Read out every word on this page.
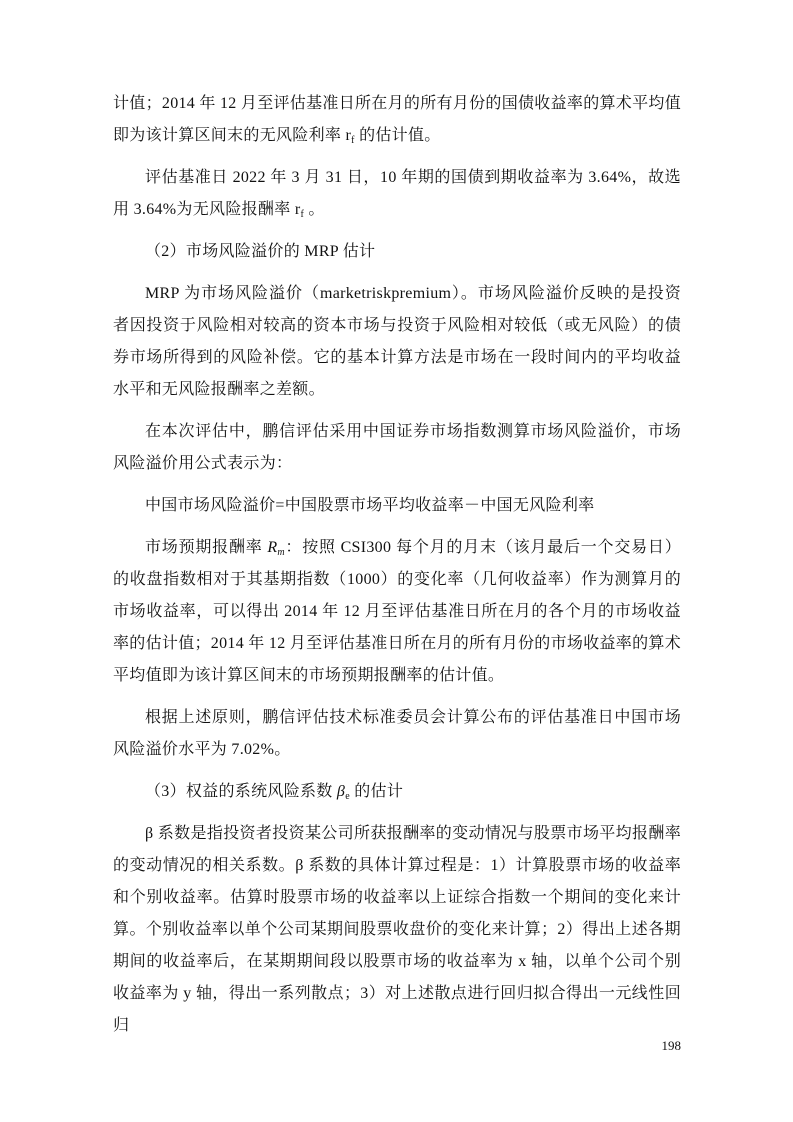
计值；2014 年 12 月至评估基准日所在月的所有月份的国债收益率的算术平均值即为该计算区间末的无风险利率 $r_f$ 的估计值。

评估基准日 2022 年 3 月 31 日，10 年期的国债到期收益率为 3.64%，故选用 3.64%为无风险报酬率 $r_f$ 。

（2）市场风险溢价的 MRP 估计

MRP 为市场风险溢价（marketriskpremium）。市场风险溢价反映的是投资者因投资于风险相对较高的资本市场与投资于风险相对较低（或无风险）的债券市场所得到的风险补偿。它的基本计算方法是市场在一段时间内的平均收益水平和无风险报酬率之差额。

在本次评估中，鹏信评估采用中国证券市场指数测算市场风险溢价，市场风险溢价用公式表示为：

中国市场风险溢价=中国股票市场平均收益率－中国无风险利率

市场预期报酬率 $R_m$：按照 CSI300 每个月的月末（该月最后一个交易日）的收盘指数相对于其基期指数（1000）的变化率（几何收益率）作为测算月的市场收益率，可以得出 2014 年 12 月至评估基准日所在月的各个月的市场收益率的估计值；2014 年 12 月至评估基准日所在月的所有月份的市场收益率的算术平均值即为该计算区间末的市场预期报酬率的估计值。

根据上述原则，鹏信评估技术标准委员会计算公布的评估基准日中国市场风险溢价水平为 7.02%。

（3）权益的系统风险系数 $\beta_e$ 的估计

β 系数是指投资者投资某公司所获报酬率的变动情况与股票市场平均报酬率的变动情况的相关系数。β 系数的具体计算过程是：1）计算股票市场的收益率和个别收益率。估算时股票市场的收益率以上证综合指数一个期间的变化来计算。个别收益率以单个公司某期间股票收盘价的变化来计算；2）得出上述各期期间的收益率后，在某期期间段以股票市场的收益率为 x 轴，以单个公司个别收益率为 y 轴，得出一系列散点；3）对上述散点进行回归拟合得出一元线性回归

198
